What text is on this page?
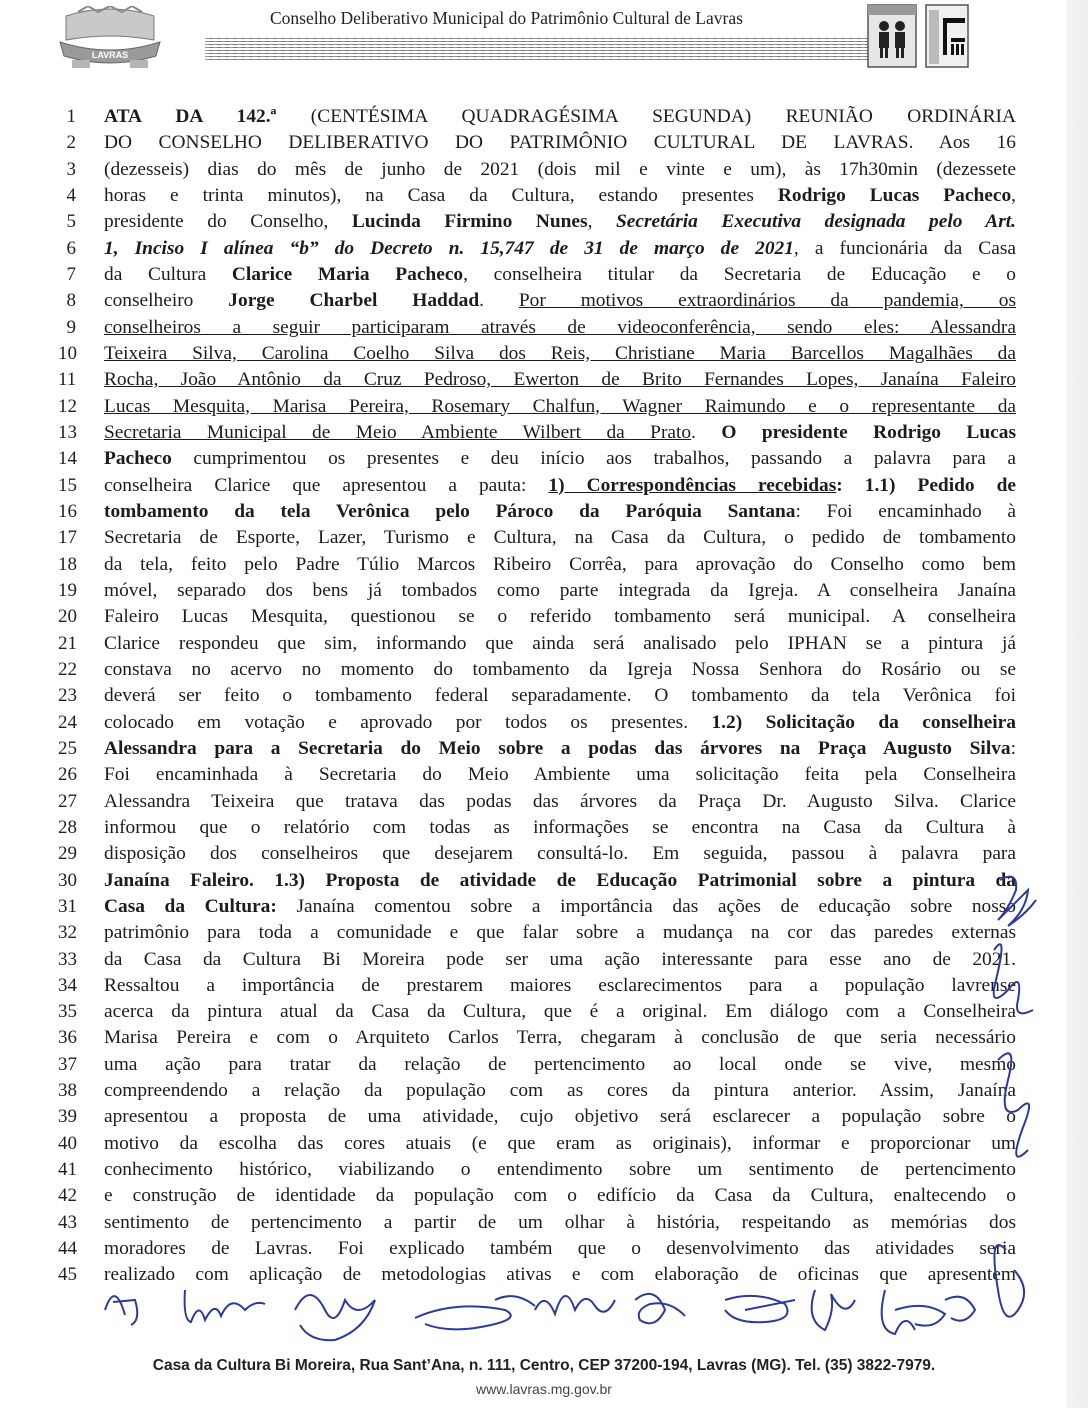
LAVRAS
Conselho Deliberativo Municipal do Patrimônio Cultural de Lavras
1 ATA DA 142.ª (CENTÉSIMA QUADRAGÉSIMA SEGUNDA) REUNIÃO ORDINÁRIA
2 DO CONSELHO DELIBERATIVO DO PATRIMÔNIO CULTURAL DE LAVRAS. Aos 16
3 (dezesseis) dias do mês de junho de 2021 (dois mil e vinte e um), às 17h30min (dezessete
4 horas e trinta minutos), na Casa da Cultura, estando presentes Rodrigo Lucas Pacheco,
5 presidente do Conselho, Lucinda Firmino Nunes, Secretária Executiva designada pelo Art.
6 1, Inciso I alínea “b” do Decreto n. 15,747 de 31 de março de 2021, a funcionária da Casa
7 da Cultura Clarice Maria Pacheco, conselheira titular da Secretaria de Educação e o
8 conselheiro Jorge Charbel Haddad. Por motivos extraordinários da pandemia, os
9 conselheiros a seguir participaram através de videoconferência, sendo eles: Alessandra
10 Teixeira Silva, Carolina Coelho Silva dos Reis, Christiane Maria Barcellos Magalhães da
11 Rocha, João Antônio da Cruz Pedroso, Ewerton de Brito Fernandes Lopes, Janaína Faleiro
12 Lucas Mesquita, Marisa Pereira, Rosemary Chalfun, Wagner Raimundo e o representante da
13 Secretaria Municipal de Meio Ambiente Wilbert da Prato. O presidente Rodrigo Lucas
14 Pacheco cumprimentou os presentes e deu início aos trabalhos, passando a palavra para a
15 conselheira Clarice que apresentou a pauta: 1) Correspondências recebidas: 1.1) Pedido de
16 tombamento da tela Verônica pelo Pároco da Paróquia Santana: Foi encaminhado à
17 Secretaria de Esporte, Lazer, Turismo e Cultura, na Casa da Cultura, o pedido de tombamento
18 da tela, feito pelo Padre Túlio Marcos Ribeiro Corrêa, para aprovação do Conselho como bem
19 móvel, separado dos bens já tombados como parte integrada da Igreja. A conselheira Janaína
20 Faleiro Lucas Mesquita, questionou se o referido tombamento será municipal. A conselheira
21 Clarice respondeu que sim, informando que ainda será analisado pelo IPHAN se a pintura já
22 constava no acervo no momento do tombamento da Igreja Nossa Senhora do Rosário ou se
23 deverá ser feito o tombamento federal separadamente. O tombamento da tela Verônica foi
24 colocado em votação e aprovado por todos os presentes. 1.2) Solicitação da conselheira
25 Alessandra para a Secretaria do Meio sobre a podas das árvores na Praça Augusto Silva:
26 Foi encaminhada à Secretaria do Meio Ambiente uma solicitação feita pela Conselheira
27 Alessandra Teixeira que tratava das podas das árvores da Praça Dr. Augusto Silva. Clarice
28 informou que o relatório com todas as informações se encontra na Casa da Cultura à
29 disposição dos conselheiros que desejarem consultá-lo. Em seguida, passou à palavra para
30 Janaína Faleiro. 1.3) Proposta de atividade de Educação Patrimonial sobre a pintura da
31 Casa da Cultura: Janaína comentou sobre a importância das ações de educação sobre nosso
32 patrimônio para toda a comunidade e que falar sobre a mudança na cor das paredes externas
33 da Casa da Cultura Bi Moreira pode ser uma ação interessante para esse ano de 2021.
34 Ressaltou a importância de prestarem maiores esclarecimentos para a população lavrense
35 acerca da pintura atual da Casa da Cultura, que é a original. Em diálogo com a Conselheira
36 Marisa Pereira e com o Arquiteto Carlos Terra, chegaram à conclusão de que seria necessário
37 uma ação para tratar da relação de pertencimento ao local onde se vive, mesmo
38 compreendendo a relação da população com as cores da pintura anterior. Assim, Janaína
39 apresentou a proposta de uma atividade, cujo objetivo será esclarecer a população sobre o
40 motivo da escolha das cores atuais (e que eram as originais), informar e proporcionar um
41 conhecimento histórico, viabilizando o entendimento sobre um sentimento de pertencimento
42 e construção de identidade da população com o edifício da Casa da Cultura, enaltecendo o
43 sentimento de pertencimento a partir de um olhar à história, respeitando as memórias dos
44 moradores de Lavras. Foi explicado também que o desenvolvimento das atividades seria
45 realizado com aplicação de metodologias ativas e com elaboração de oficinas que apresentem
Casa da Cultura Bi Moreira, Rua Sant’Ana, n. 111, Centro, CEP 37200-194, Lavras (MG). Tel. (35) 3822-7979.
www.lavras.mg.gov.br
